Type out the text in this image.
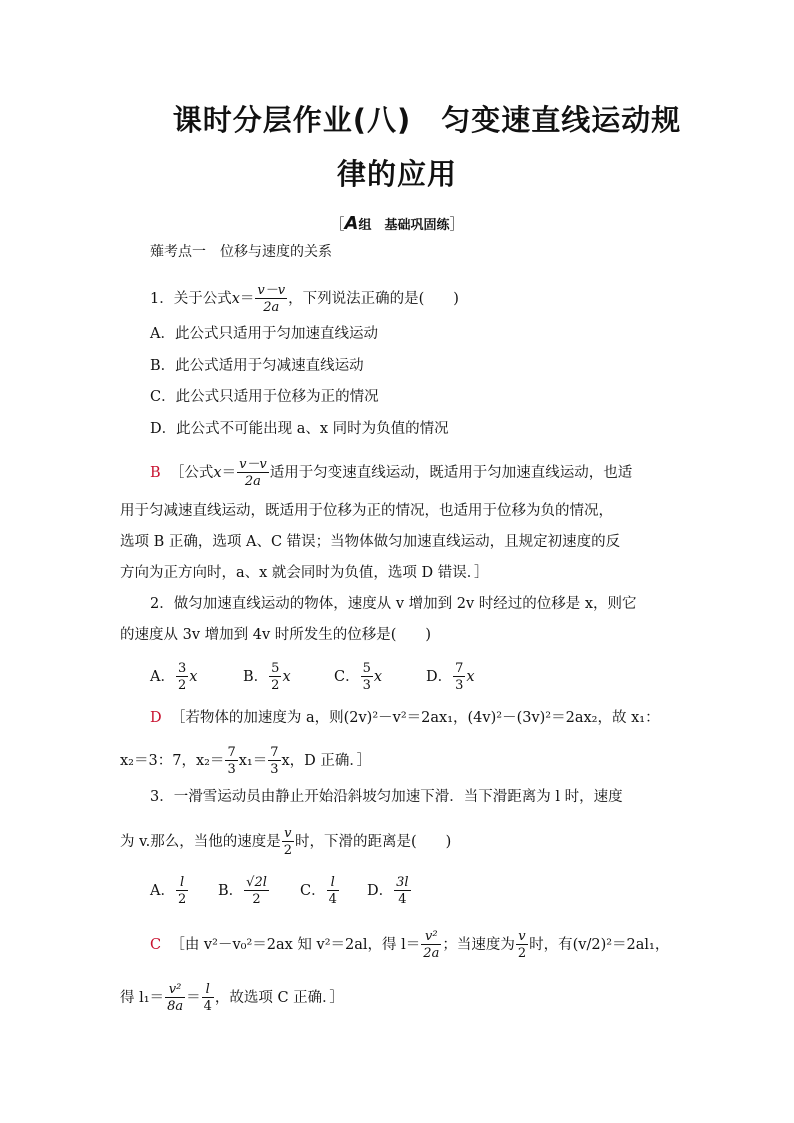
课时分层作业(八)　匀变速直线运动规
律的应用
［A组　基础巩固练］
薙考点一　位移与速度的关系
1．关于公式$x= \frac{v-v}{2a}$ ，下列说法正确的是(　　)
A．此公式只适用于匀加速直线运动
B．此公式适用于匀减速直线运动
C．此公式只适用于位移为正的情况
D．此公式不可能出现 a、x 同时为负值的情况
B ［公式$x= \frac{v-v}{2a}$ 适用于匀变速直线运动，既适用于匀加速直线运动，也适
用于匀减速直线运动，既适用于位移为正的情况，也适用于位移为负的情况，
选项 B 正确，选项 A、C 错误；当物体做匀加速直线运动，且规定初速度的反
方向为正方向时，a、x 就会同时为负值，选项 D 错误．］
2．做匀加速直线运动的物体，速度从 v 增加到 2v 时经过的位移是 x，则它
的速度从 3v 增加到 4v 时所发生的位移是(　　)
A． $\frac{3}{2}$ x	B． $\frac{5}{2}$ x	C． $\frac{5}{3}$ x	D． $\frac{7}{3}$ x
D ［若物体的加速度为 a，则(2v)²－v²＝2ax₁，(4v)²－(3v)²＝2ax₂，故 x₁：
x₂＝3：7，$x_2= \frac{7}{3} x_1= \frac{7}{3}$ x，D 正确．］
3．一滑雪运动员由静止开始沿斜坡匀加速下滑．当下滑距离为 l 时，速度
为 v.那么，当他的速度是 $\frac{v}{2}$ 时，下滑的距离是(　　)
A． $\frac{l}{2}$ B． $\frac{√2l}{2}$ C． $\frac{l}{4}$ D． $\frac{3l}{4}$
C ［由 v²－v₀²＝2ax 知 v²＝2al，得 $l= \frac{\text{v²}}{2a}$ ；当速度为 $\frac{v}{2}$ 时，有(v/2)²＝2al₁，
得 $l_1= \frac{\text{v²}}{8a} = \frac{l}{4}$ ，故选项 C 正确．］
